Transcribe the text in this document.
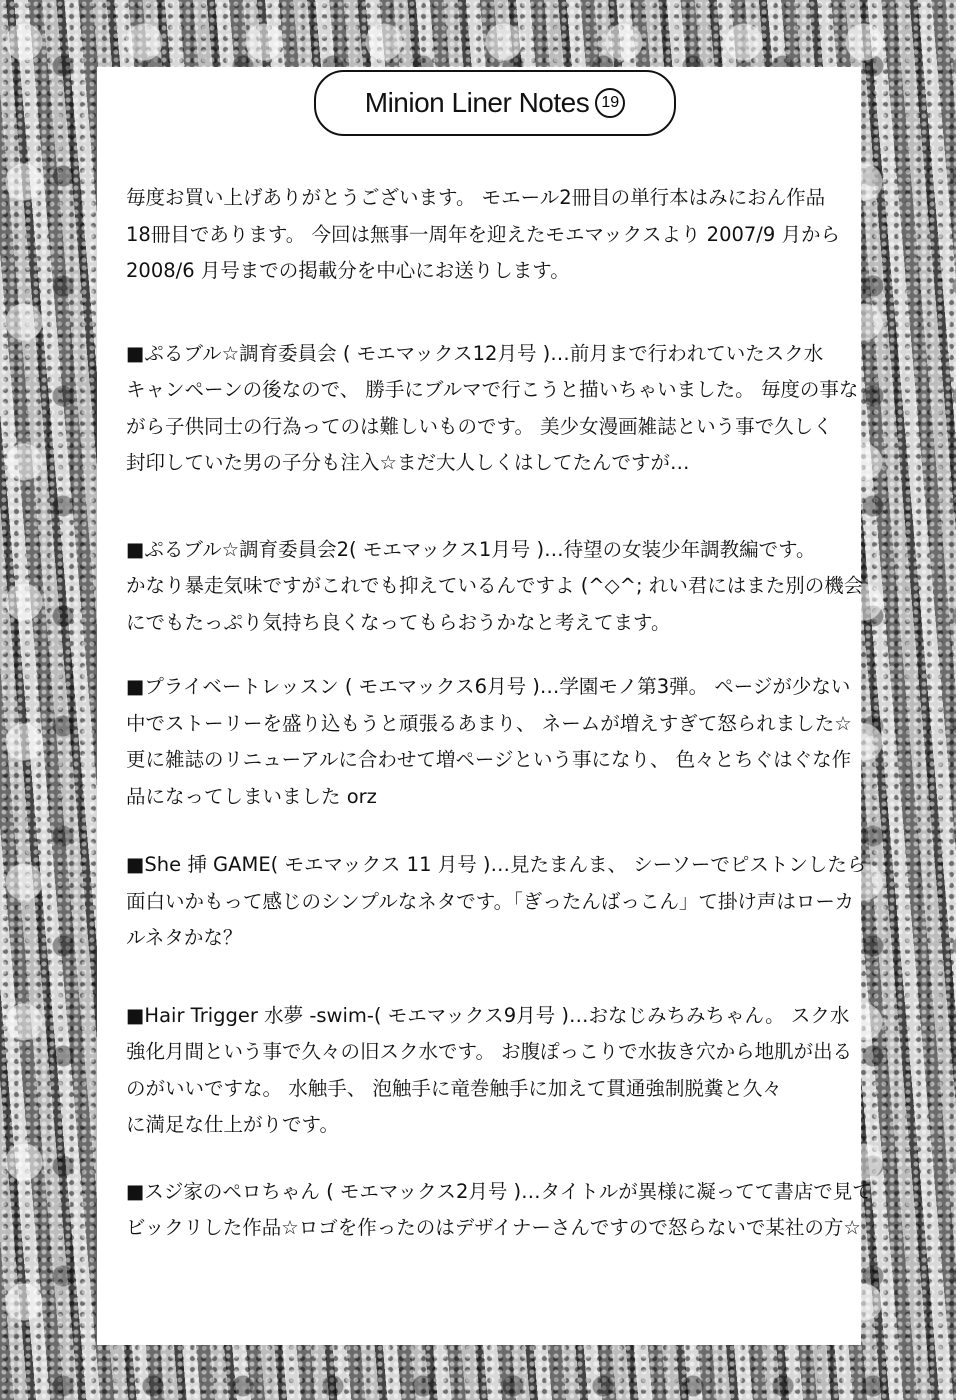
Minion Liner Notes 19

毎度お買い上げありがとうございます。 モエール2冊目の単行本はみにおん作品
18冊目であります。 今回は無事一周年を迎えたモエマックスより 2007/9 月から
2008/6 月号までの掲載分を中心にお送りします。

■ぷるブル☆調育委員会 ( モエマックス12月号 )…前月まで行われていたスク水
キャンペーンの後なので、 勝手にブルマで行こうと描いちゃいました。 毎度の事な
がら子供同士の行為ってのは難しいものです。 美少女漫画雑誌という事で久しく
封印していた男の子分も注入☆まだ大人しくはしてたんですが…

■ぷるブル☆調育委員会2( モエマックス1月号 )…待望の女装少年調教編です。
かなり暴走気味ですがこれでも抑えているんですよ (^◇^; れい君にはまた別の機会
にでもたっぷり気持ち良くなってもらおうかなと考えてます。

■プライベートレッスン ( モエマックス6月号 )…学園モノ第3弾。 ページが少ない
中でストーリーを盛り込もうと頑張るあまり、 ネームが増えすぎて怒られました☆
更に雑誌のリニューアルに合わせて増ページという事になり、 色々とちぐはぐな作
品になってしまいました orz

■She 挿 GAME( モエマックス 11 月号 )…見たまんま、 シーソーでピストンしたら
面白いかもって感じのシンプルなネタです。「ぎったんばっこん」て掛け声はローカ
ルネタかな？

■Hair Trigger 水夢 -swim-( モエマックス9月号 )…おなじみちみちゃん。 スク水
強化月間という事で久々の旧スク水です。 お腹ぽっこりで水抜き穴から地肌が出る
のがいいですな。 水触手、 泡触手に竜巻触手に加えて貫通強制脱糞と久々
に満足な仕上がりです。

■スジ家のペロちゃん ( モエマックス2月号 )…タイトルが異様に凝ってて書店で見て
ビックリした作品☆ロゴを作ったのはデザイナーさんですので怒らないで某社の方☆
